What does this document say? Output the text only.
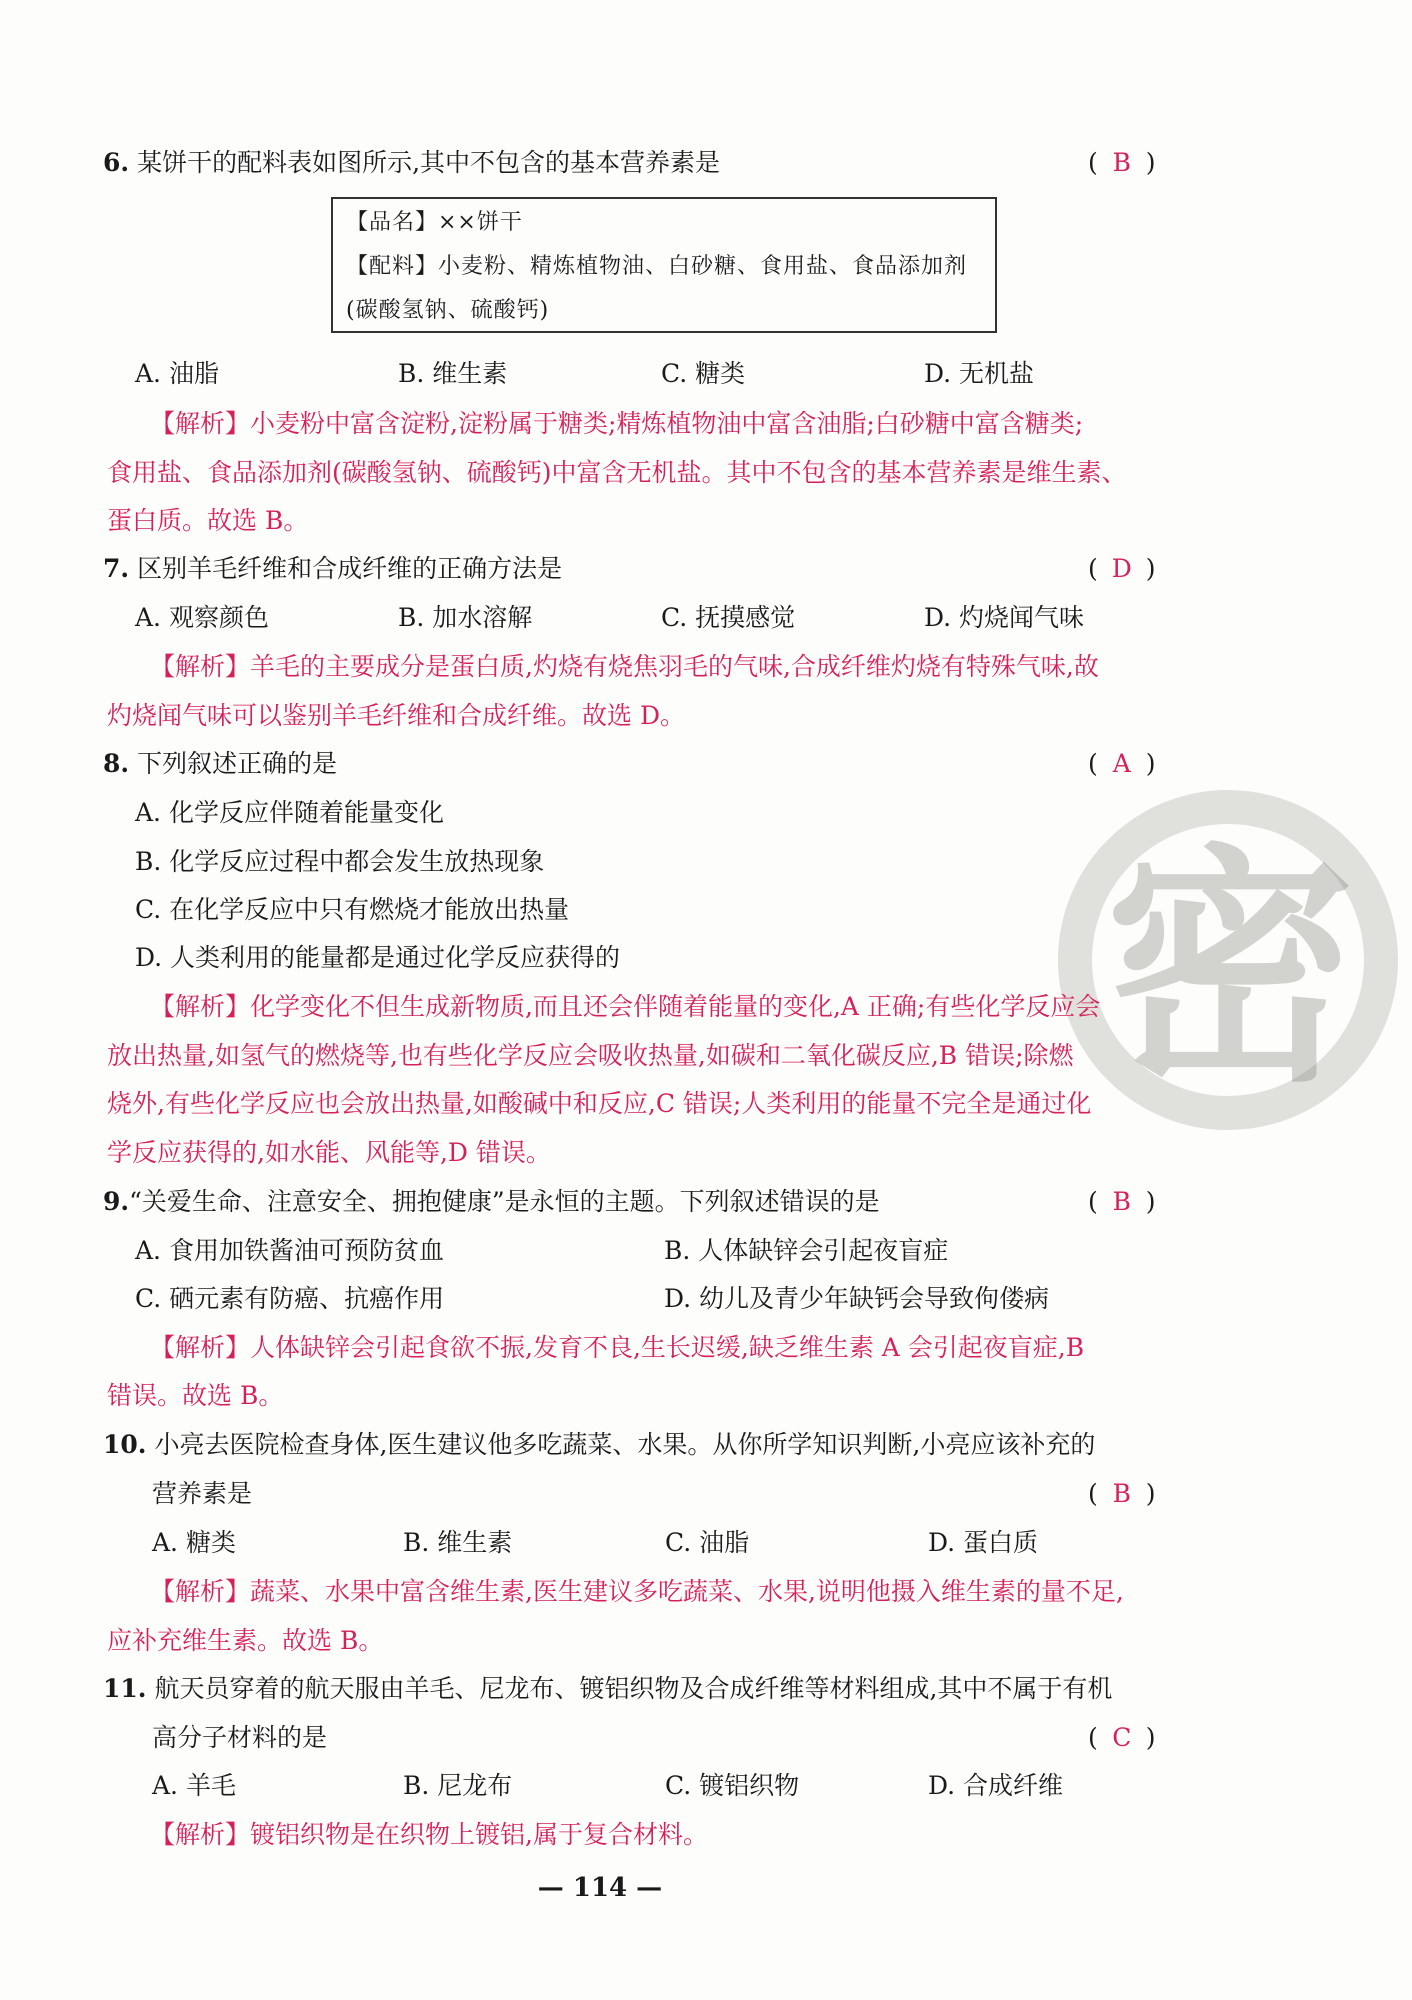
6. 某饼干的配料表如图所示,其中不包含的基本营养素是	( B )
【品名】××饼干
【配料】小麦粉、精炼植物油、白砂糖、食用盐、食品添加剂
(碳酸氢钠、硫酸钙)
A. 油脂	B. 维生素	C. 糖类	D. 无机盐
【解析】小麦粉中富含淀粉,淀粉属于糖类;精炼植物油中富含油脂;白砂糖中富含糖类;
食用盐、食品添加剂(碳酸氢钠、硫酸钙)中富含无机盐。其中不包含的基本营养素是维生素、
蛋白质。故选 B。
7. 区别羊毛纤维和合成纤维的正确方法是	( D )
A. 观察颜色	B. 加水溶解	C. 抚摸感觉	D. 灼烧闻气味
【解析】羊毛的主要成分是蛋白质,灼烧有烧焦羽毛的气味,合成纤维灼烧有特殊气味,故
灼烧闻气味可以鉴别羊毛纤维和合成纤维。故选 D。
8. 下列叙述正确的是	( A )
密
A. 化学反应伴随着能量变化
B. 化学反应过程中都会发生放热现象
C. 在化学反应中只有燃烧才能放出热量
D. 人类利用的能量都是通过化学反应获得的
【解析】化学变化不但生成新物质,而且还会伴随着能量的变化,A 正确;有些化学反应会
放出热量,如氢气的燃烧等,也有些化学反应会吸收热量,如碳和二氧化碳反应,B 错误;除燃
烧外,有些化学反应也会放出热量,如酸碱中和反应,C 错误;人类利用的能量不完全是通过化
学反应获得的,如水能、风能等,D 错误。
9.“关爱生命、注意安全、拥抱健康”是永恒的主题。下列叙述错误的是	( B )
A. 食用加铁酱油可预防贫血	B. 人体缺锌会引起夜盲症
C. 硒元素有防癌、抗癌作用	D. 幼儿及青少年缺钙会导致佝偻病
【解析】人体缺锌会引起食欲不振,发育不良,生长迟缓,缺乏维生素 A 会引起夜盲症,B
错误。故选 B。
10. 小亮去医院检查身体,医生建议他多吃蔬菜、水果。从你所学知识判断,小亮应该补充的
营养素是	( B )
A. 糖类	B. 维生素	C. 油脂	D. 蛋白质
【解析】蔬菜、水果中富含维生素,医生建议多吃蔬菜、水果,说明他摄入维生素的量不足,
应补充维生素。故选 B。
11. 航天员穿着的航天服由羊毛、尼龙布、镀铝织物及合成纤维等材料组成,其中不属于有机
高分子材料的是	( C )
A. 羊毛	B. 尼龙布	C. 镀铝织物	D. 合成纤维
【解析】镀铝织物是在织物上镀铝,属于复合材料。
— 114 —
